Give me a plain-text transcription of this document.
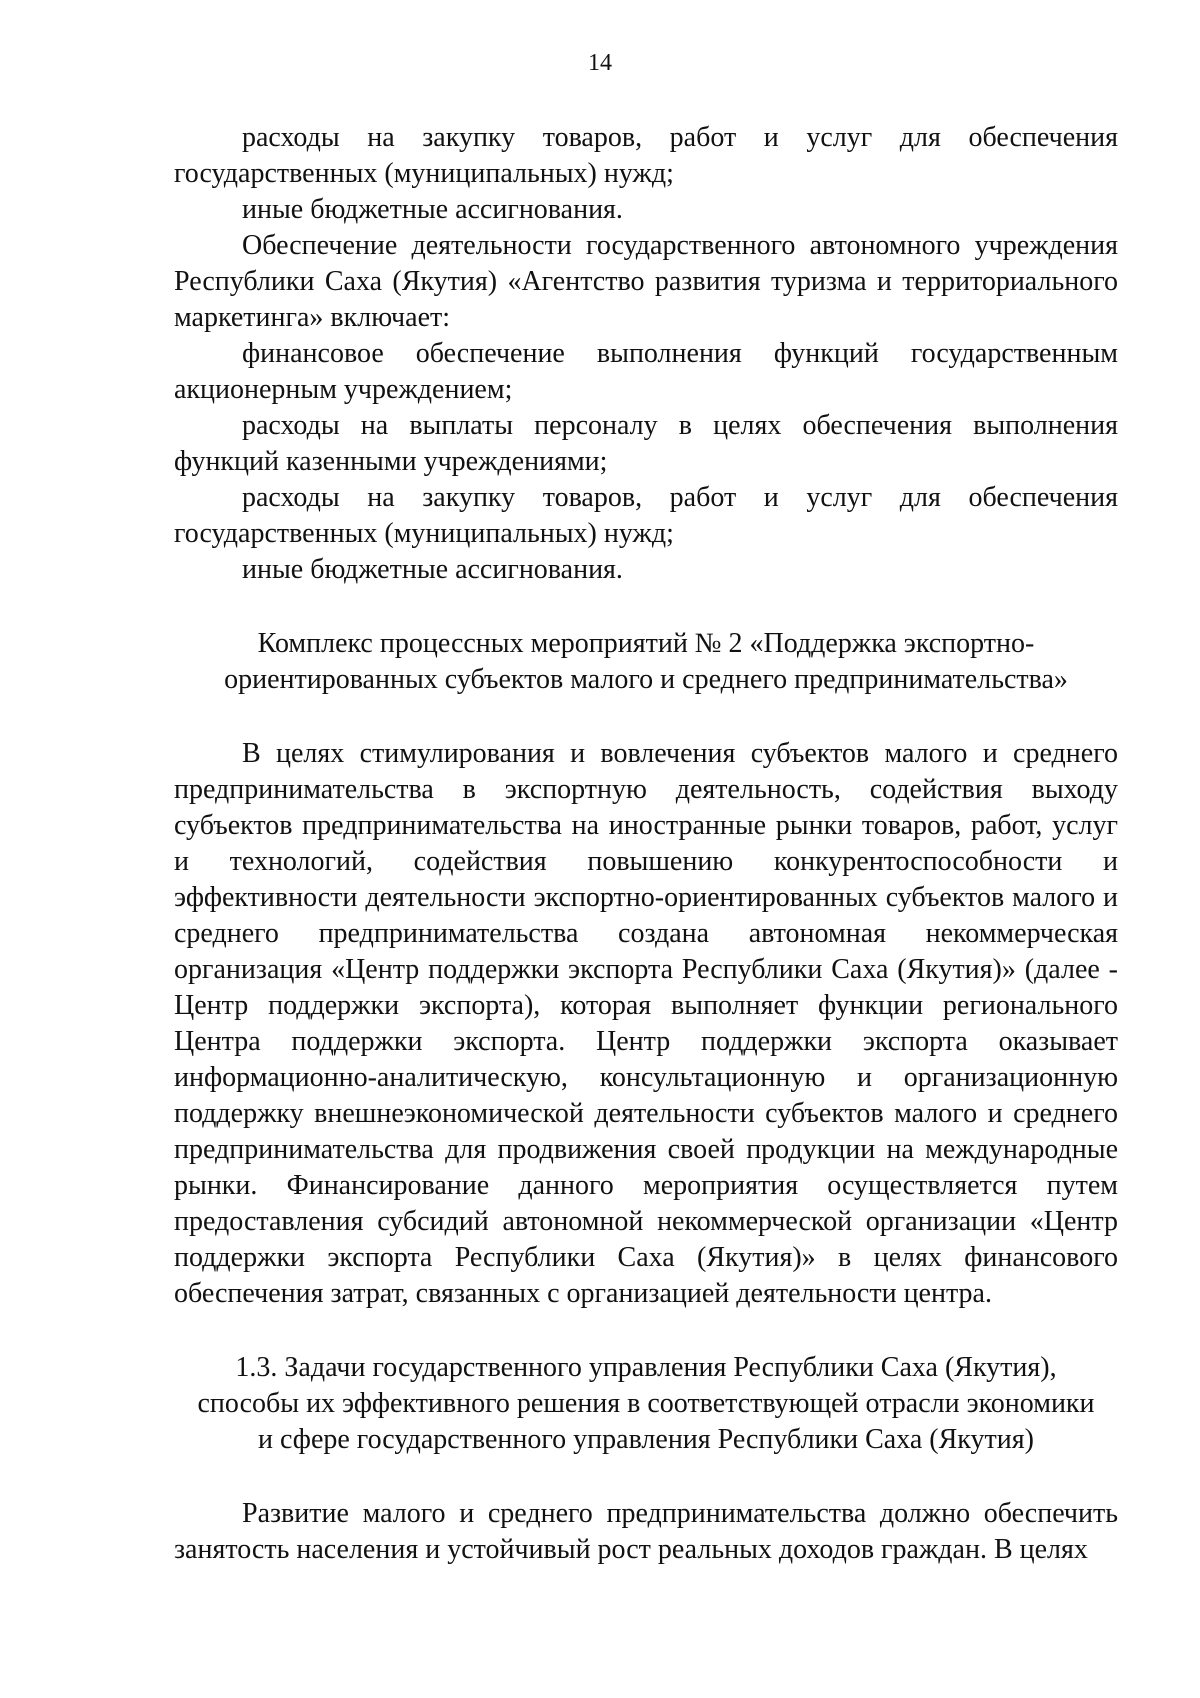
14

расходы на закупку товаров, работ и услуг для обеспечения государственных (муниципальных) нужд;

иные бюджетные ассигнования.

Обеспечение деятельности государственного автономного учреждения Республики Саха (Якутия) «Агентство развития туризма и территориального маркетинга» включает:

финансовое обеспечение выполнения функций государственным акционерным учреждением;

расходы на выплаты персоналу в целях обеспечения выполнения функций казенными учреждениями;

расходы на закупку товаров, работ и услуг для обеспечения государственных (муниципальных) нужд;

иные бюджетные ассигнования.

Комплекс процессных мероприятий № 2 «Поддержка экспортно-
ориентированных субъектов малого и среднего предпринимательства»

В целях стимулирования и вовлечения субъектов малого и среднего предпринимательства в экспортную деятельность, содействия выходу субъектов предпринимательства на иностранные рынки товаров, работ, услуг и технологий, содействия повышению конкурентоспособности и эффективности деятельности экспортно-ориентированных субъектов малого и среднего предпринимательства создана автономная некоммерческая организация «Центр поддержки экспорта Республики Саха (Якутия)» (далее - Центр поддержки экспорта), которая выполняет функции регионального Центра поддержки экспорта. Центр поддержки экспорта оказывает информационно-аналитическую, консультационную и организационную поддержку внешнеэкономической деятельности субъектов малого и среднего предпринимательства для продвижения своей продукции на международные рынки. Финансирование данного мероприятия осуществляется путем предоставления субсидий автономной некоммерческой организации «Центр поддержки экспорта Республики Саха (Якутия)» в целях финансового обеспечения затрат, связанных с организацией деятельности центра.

1.3. Задачи государственного управления Республики Саха (Якутия),
способы их эффективного решения в соответствующей отрасли экономики
и сфере государственного управления Республики Саха (Якутия)

Развитие малого и среднего предпринимательства должно обеспечить занятость населения и устойчивый рост реальных доходов граждан. В целях
